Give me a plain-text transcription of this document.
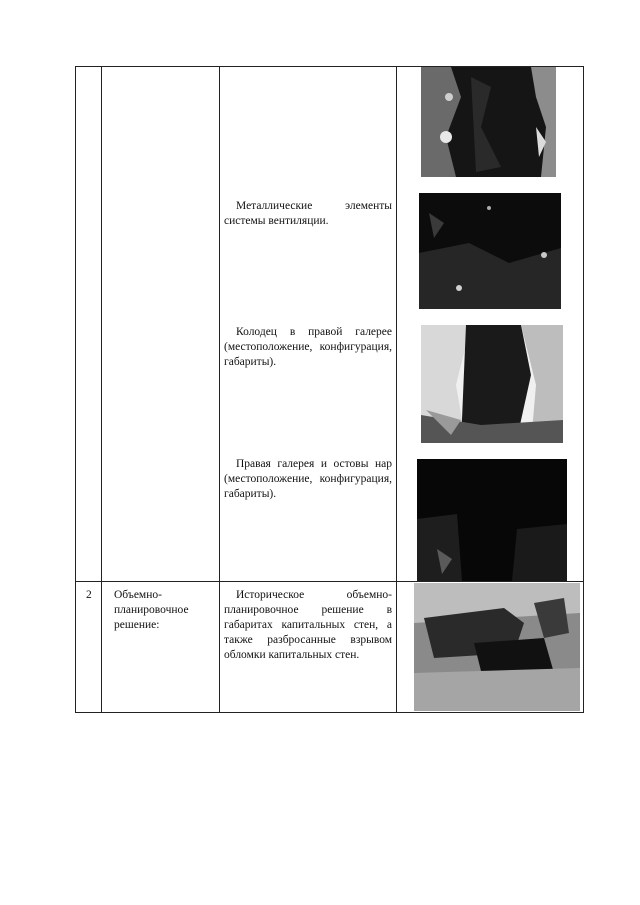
Металлические элементы системы вентиляции.
Колодец в правой галерее (местоположение, конфигурация, габариты).
Правая галерея и остовы нар (местоположение, конфигурация, габариты).
2 Объемно-планировочное решение:
Историческое объемно-планировочное решение в габаритах капитальных стен, а также разбросанные взрывом обломки капитальных стен.
